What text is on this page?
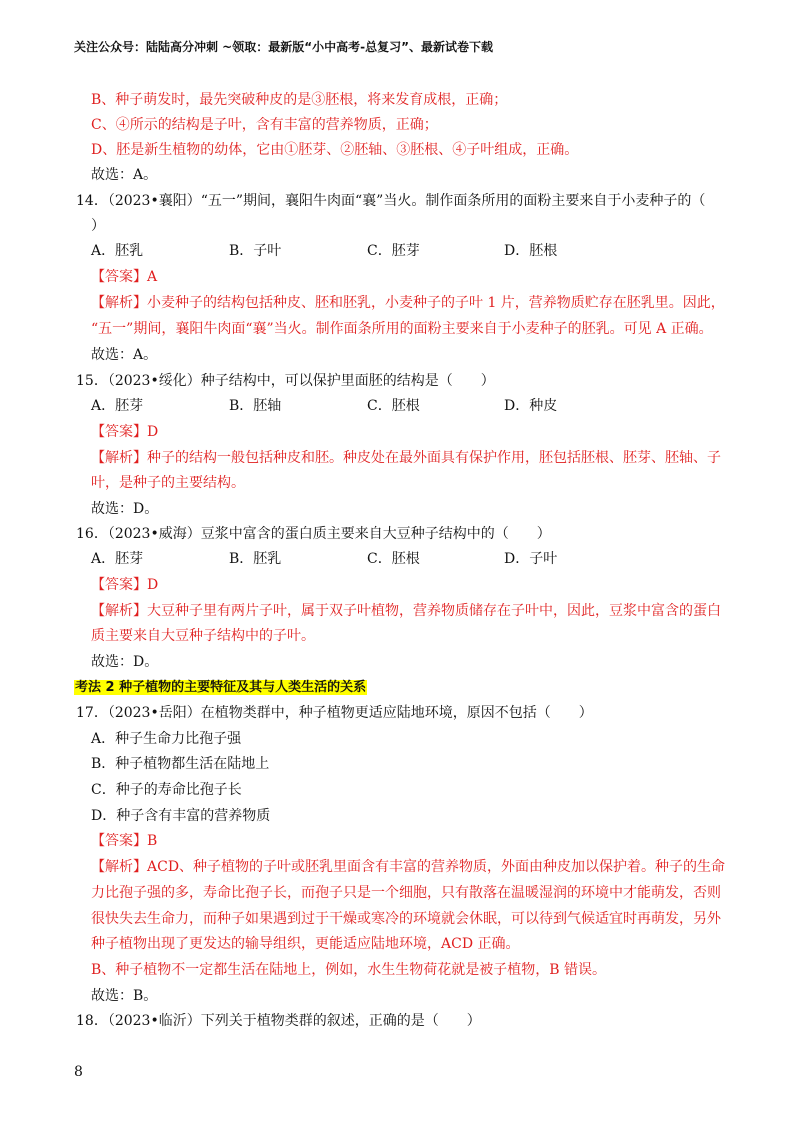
关注公众号：陆陆高分冲刺 ~领取：最新版“小中高考-总复习”、最新试卷下载
B、种子萌发时，最先突破种皮的是③胚根，将来发育成根，正确；
C、④所示的结构是子叶，含有丰富的营养物质，正确；
D、胚是新生植物的幼体，它由①胚芽、②胚轴、③胚根、④子叶组成，正确。
故选：A。
14．（2023•襄阳）“五一”期间，襄阳牛肉面“襄”当火。制作面条所用的面粉主要来自于小麦种子的（
）
A．胚乳	B．子叶	C．胚芽	D．胚根
【答案】A
【解析】小麦种子的结构包括种皮、胚和胚乳，小麦种子的子叶 1 片，营养物质贮存在胚乳里。因此，
“五一”期间，襄阳牛肉面“襄”当火。制作面条所用的面粉主要来自于小麦种子的胚乳。可见 A 正确。
故选：A。
15．（2023•绥化）种子结构中，可以保护里面胚的结构是（　　）
A．胚芽	B．胚轴	C．胚根	D．种皮
【答案】D
【解析】种子的结构一般包括种皮和胚。种皮处在最外面具有保护作用，胚包括胚根、胚芽、胚轴、子
叶，是种子的主要结构。
故选：D。
16．（2023•威海）豆浆中富含的蛋白质主要来自大豆种子结构中的（　　）
A．胚芽	B．胚乳	C．胚根	D．子叶
【答案】D
【解析】大豆种子里有两片子叶，属于双子叶植物，营养物质储存在子叶中，因此，豆浆中富含的蛋白
质主要来自大豆种子结构中的子叶。
故选：D。
考法 2 种子植物的主要特征及其与人类生活的关系
17．（2023•岳阳）在植物类群中，种子植物更适应陆地环境，原因不包括（　　）
A．种子生命力比孢子强
B．种子植物都生活在陆地上
C．种子的寿命比孢子长
D．种子含有丰富的营养物质
【答案】B
【解析】ACD、种子植物的子叶或胚乳里面含有丰富的营养物质，外面由种皮加以保护着。种子的生命
力比孢子强的多，寿命比孢子长，而孢子只是一个细胞，只有散落在温暖湿润的环境中才能萌发，否则
很快失去生命力，而种子如果遇到过于干燥或寒冷的环境就会休眠，可以待到气候适宜时再萌发，另外
种子植物出现了更发达的输导组织，更能适应陆地环境，ACD 正确。
B、种子植物不一定都生活在陆地上，例如，水生生物荷花就是被子植物，B 错误。
故选：B。
18．（2023•临沂）下列关于植物类群的叙述，正确的是（　　）
8
